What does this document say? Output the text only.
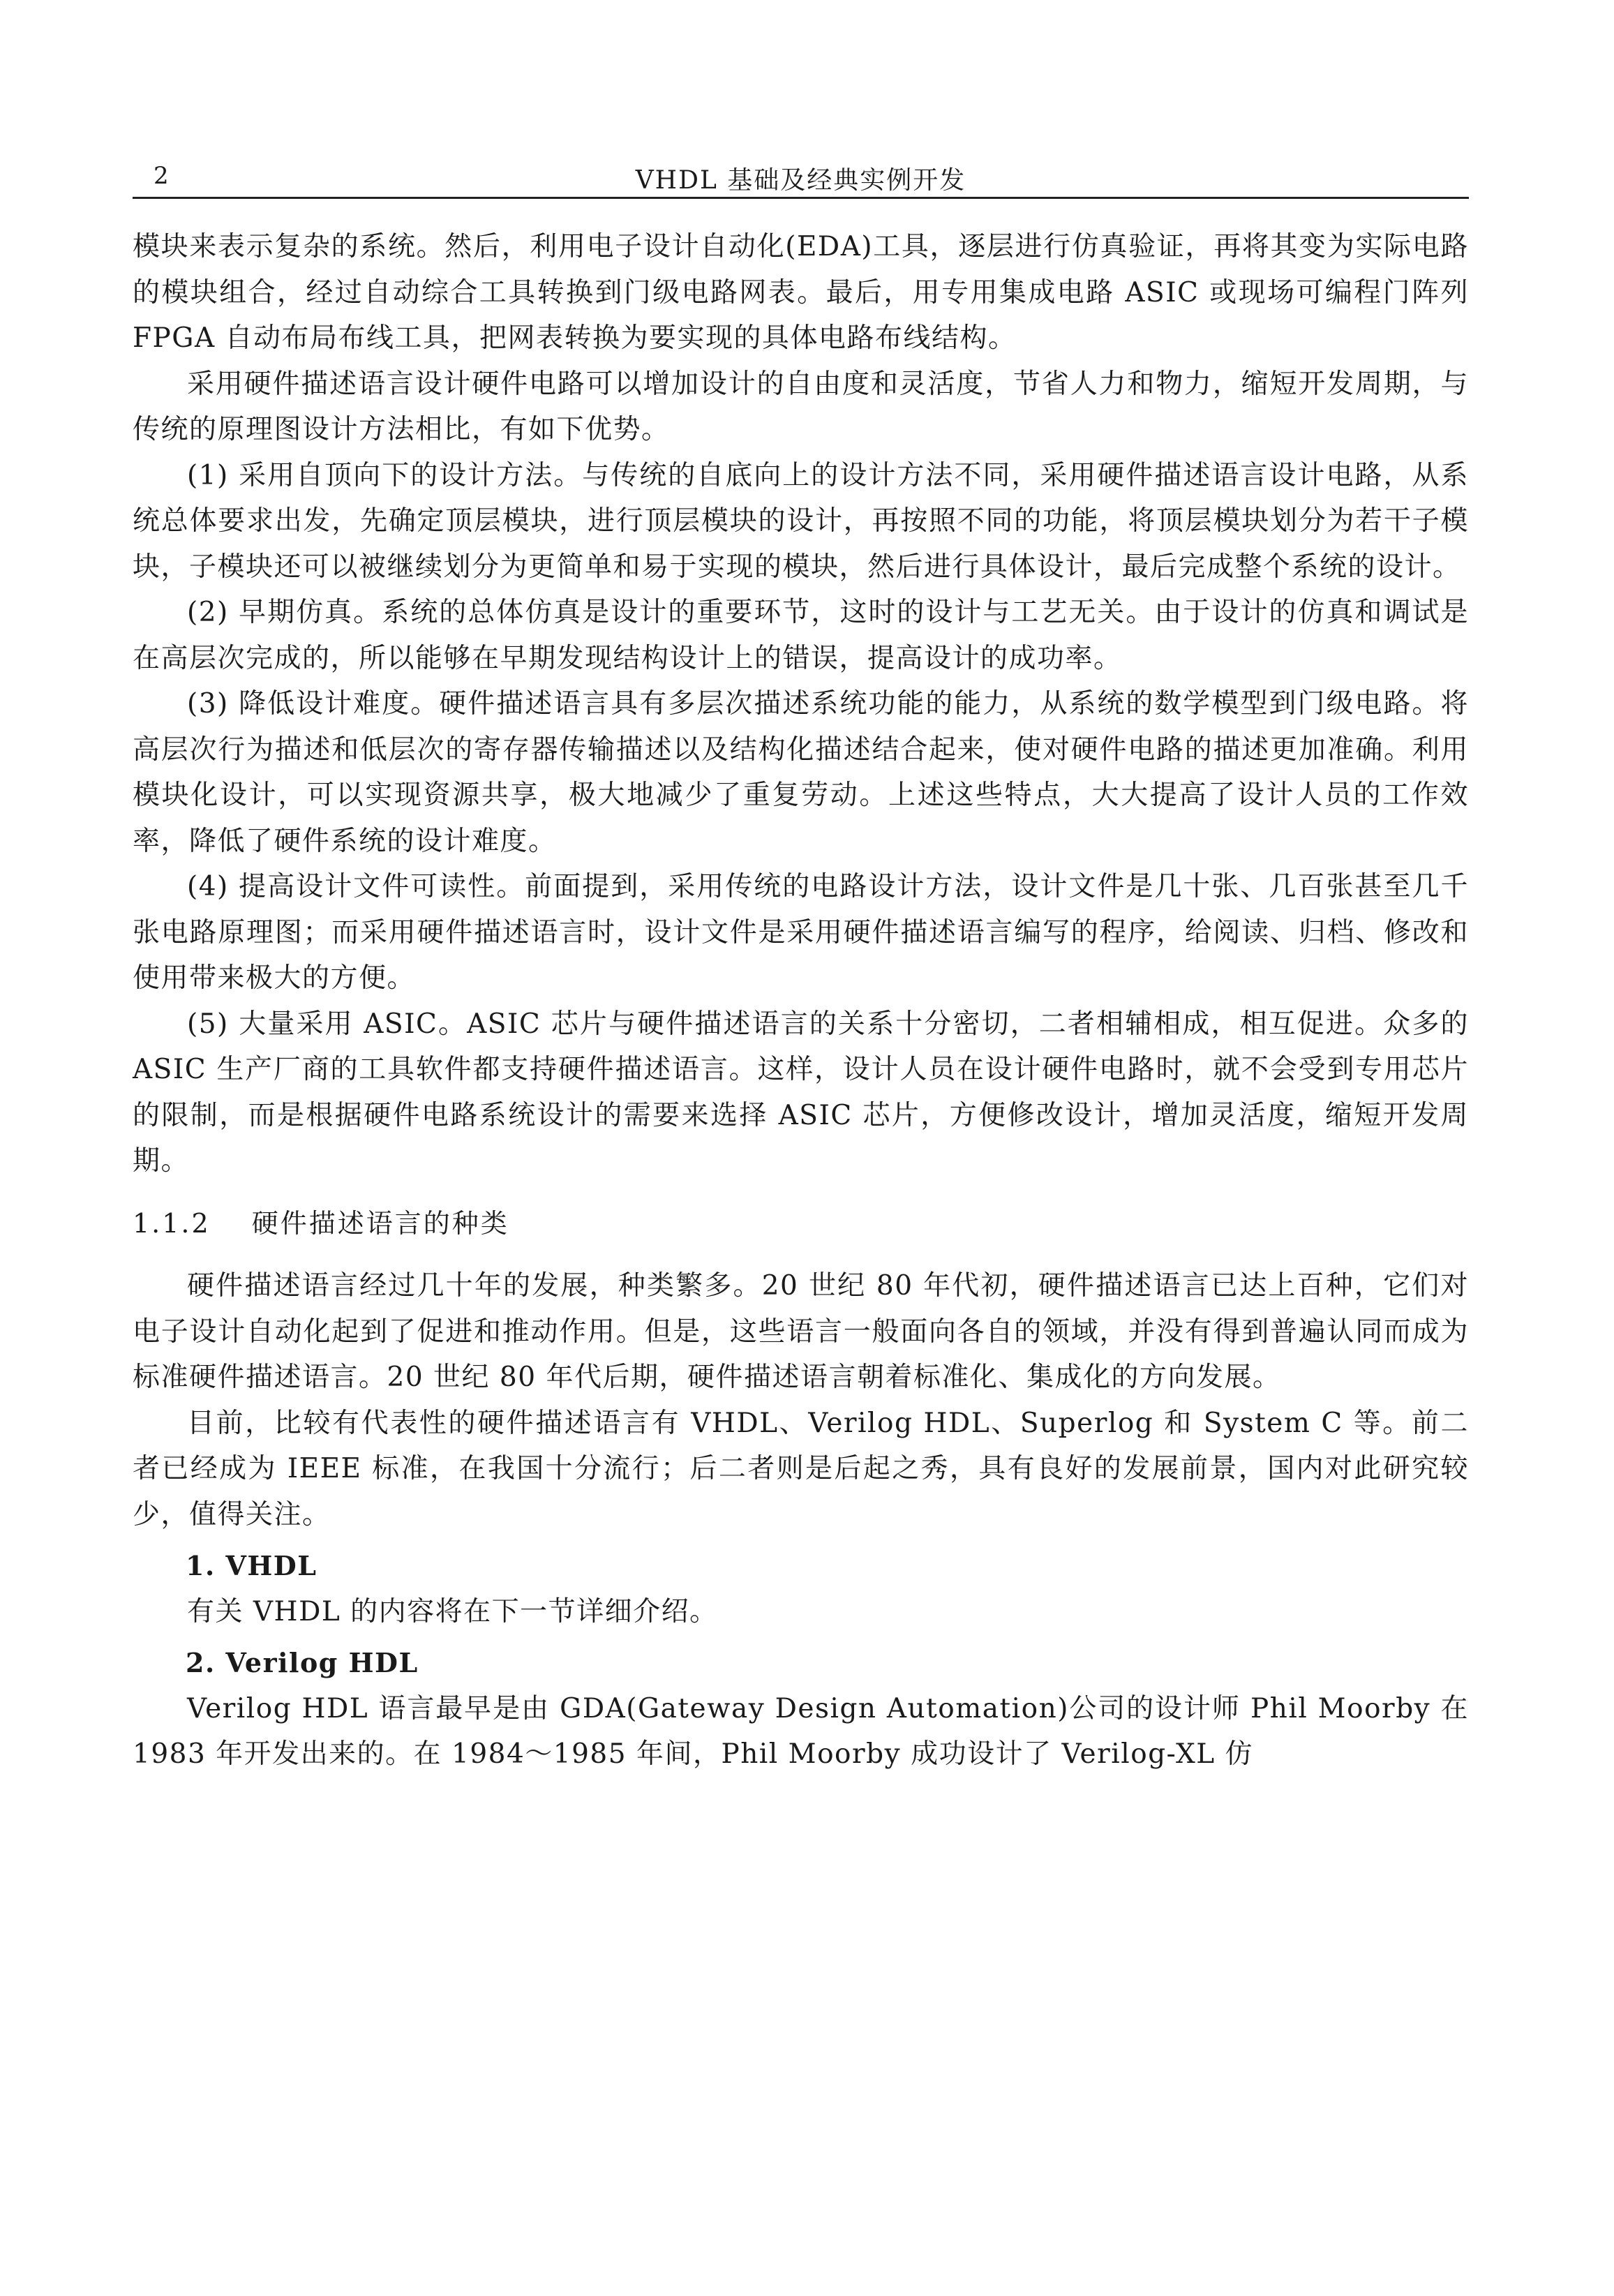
2	VHDL 基础及经典实例开发

模块来表示复杂的系统。然后，利用电子设计自动化(EDA)工具，逐层进行仿真验证，再将其变为实际电路的模块组合，经过自动综合工具转换到门级电路网表。最后，用专用集成电路 ASIC 或现场可编程门阵列 FPGA 自动布局布线工具，把网表转换为要实现的具体电路布线结构。

采用硬件描述语言设计硬件电路可以增加设计的自由度和灵活度，节省人力和物力，缩短开发周期，与传统的原理图设计方法相比，有如下优势。

(1) 采用自顶向下的设计方法。与传统的自底向上的设计方法不同，采用硬件描述语言设计电路，从系统总体要求出发，先确定顶层模块，进行顶层模块的设计，再按照不同的功能，将顶层模块划分为若干子模块，子模块还可以被继续划分为更简单和易于实现的模块，然后进行具体设计，最后完成整个系统的设计。

(2) 早期仿真。系统的总体仿真是设计的重要环节，这时的设计与工艺无关。由于设计的仿真和调试是在高层次完成的，所以能够在早期发现结构设计上的错误，提高设计的成功率。

(3) 降低设计难度。硬件描述语言具有多层次描述系统功能的能力，从系统的数学模型到门级电路。将高层次行为描述和低层次的寄存器传输描述以及结构化描述结合起来，使对硬件电路的描述更加准确。利用模块化设计，可以实现资源共享，极大地减少了重复劳动。上述这些特点，大大提高了设计人员的工作效率，降低了硬件系统的设计难度。

(4) 提高设计文件可读性。前面提到，采用传统的电路设计方法，设计文件是几十张、几百张甚至几千张电路原理图；而采用硬件描述语言时，设计文件是采用硬件描述语言编写的程序，给阅读、归档、修改和使用带来极大的方便。

(5) 大量采用 ASIC。ASIC 芯片与硬件描述语言的关系十分密切，二者相辅相成，相互促进。众多的 ASIC 生产厂商的工具软件都支持硬件描述语言。这样，设计人员在设计硬件电路时，就不会受到专用芯片的限制，而是根据硬件电路系统设计的需要来选择 ASIC 芯片，方便修改设计，增加灵活度，缩短开发周期。

1.1.2 硬件描述语言的种类

硬件描述语言经过几十年的发展，种类繁多。20 世纪 80 年代初，硬件描述语言已达上百种，它们对电子设计自动化起到了促进和推动作用。但是，这些语言一般面向各自的领域，并没有得到普遍认同而成为标准硬件描述语言。20 世纪 80 年代后期，硬件描述语言朝着标准化、集成化的方向发展。

目前，比较有代表性的硬件描述语言有 VHDL、Verilog HDL、Superlog 和 System C 等。前二者已经成为 IEEE 标准，在我国十分流行；后二者则是后起之秀，具有良好的发展前景，国内对此研究较少，值得关注。

1. VHDL

有关 VHDL 的内容将在下一节详细介绍。

2. Verilog HDL

Verilog HDL 语言最早是由 GDA(Gateway Design Automation)公司的设计师 Phil Moorby 在 1983 年开发出来的。在 1984～1985 年间，Phil Moorby 成功设计了 Verilog-XL 仿
